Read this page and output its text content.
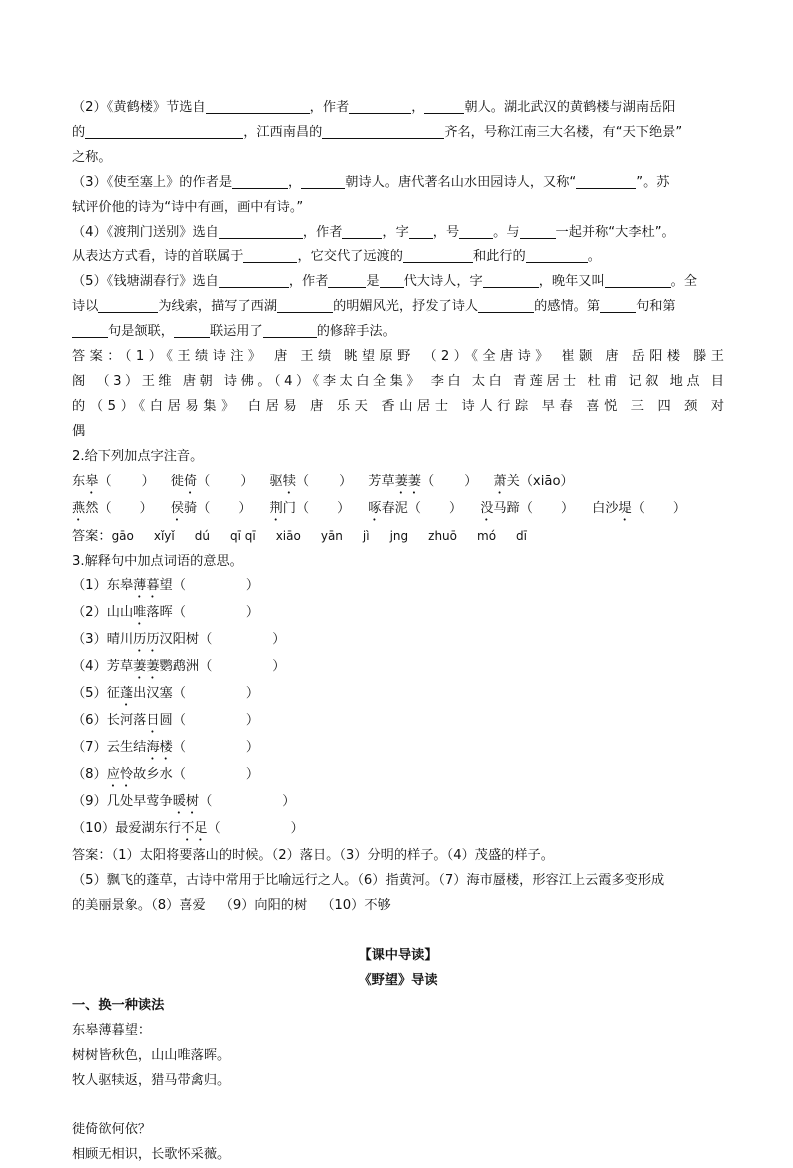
（2）《黄鹤楼》节选自	，作者	，	朝人。湖北武汉的黄鹤楼与湖南岳阳
的	，江西南昌的	齐名，号称江南三大名楼，有“天下绝景”
之称。
（3）《使至塞上》的作者是	，	朝诗人。唐代著名山水田园诗人，又称“	”。苏
轼评价他的诗为“诗中有画，画中有诗。”
（4）《渡荆门送别》选自	，作者	，字 ，号	。与	一起并称“大李杜”。
从表达方式看，诗的首联属于	，它交代了远渡的	和此行的	。
（5）《钱塘湖春行》选自	，作者	是 代大诗人，字	，晚年又叫	。全
诗以	为线索，描写了西湖	的明媚风光，抒发了诗人	的感情。第	句和第
句是颔联，	联运用了	的修辞手法。
答案：（1）《王绩诗注》 唐 王绩 眺望原野 （2）《全唐诗》 崔颢 唐 岳阳楼 滕王
阁 （3）王维 唐朝 诗佛。（4）《李太白全集》 李白 太白 青莲居士 杜甫 记叙 地点 目
的（5）《白居易集》 白居易 唐 乐天 香山居士 诗人行踪 早春 喜悦 三 四 颈 对
偶
2.给下列加点字注音。
东皋（ ） 徙倚（ ） 驱犊（ ） 芳草萋萋（ ） 萧关（xiāo）
燕然（ ） 侯骑（ ） 荆门（ ） 啄春泥（ ） 没马蹄（ ） 白沙堤（ ）
答案：gāo xǐyǐ dú qī qī xiāo yān jì jng zhuō mó dī
3.解释句中加点词语的意思。
（1）东皋薄暮望（	）
（2）山山唯落晖（	）
（3）晴川历历汉阳树（	）
（4）芳草萋萋鹦鹉洲（	）
（5）征蓬出汉塞（	）
（6）长河落日圆（	）
（7）云生结海楼（	）
（8）应怜故乡水（	）
（9）几处早莺争暖树（	）
（10）最爱湖东行不足（	）
答案：（1）太阳将要落山的时候。（2）落日。（3）分明的样子。（4）茂盛的样子。
（5）飘飞的蓬草，古诗中常用于比喻远行之人。（6）指黄河。（7）海市蜃楼，形容江上云霞多变形成
的美丽景象。（8）喜爱 （9）向阳的树 （10）不够
【课中导读】
《野望》导读
一、换一种读法
东皋薄暮望：
树树皆秋色，山山唯落晖。
牧人驱犊返，猎马带禽归。
徙倚欲何依？
相顾无相识，长歌怀采薇。
